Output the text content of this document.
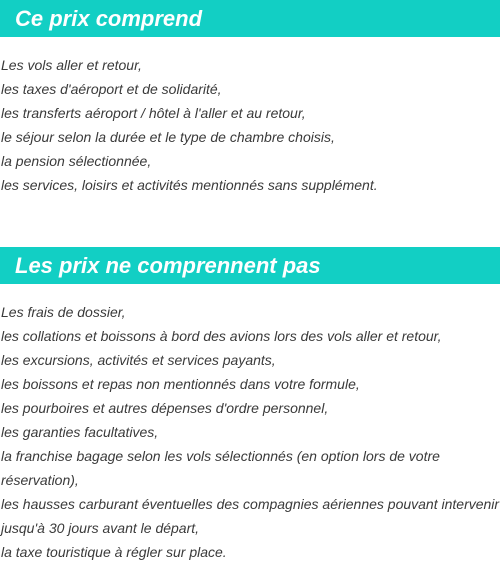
Ce prix comprend
Les vols aller et retour,
les taxes d'aéroport et de solidarité,
les transferts aéroport / hôtel à l'aller et au retour,
le séjour selon la durée et le type de chambre choisis,
la pension sélectionnée,
les services, loisirs et activités mentionnés sans supplément.
Les prix ne comprennent pas
Les frais de dossier,
les collations et boissons à bord des avions lors des vols aller et retour,
les excursions, activités et services payants,
les boissons et repas non mentionnés dans votre formule,
les pourboires et autres dépenses d'ordre personnel,
les garanties facultatives,
la franchise bagage selon les vols sélectionnés (en option lors de votre réservation),
les hausses carburant éventuelles des compagnies aériennes pouvant intervenir jusqu'à 30 jours avant le départ,
la taxe touristique à régler sur place.
